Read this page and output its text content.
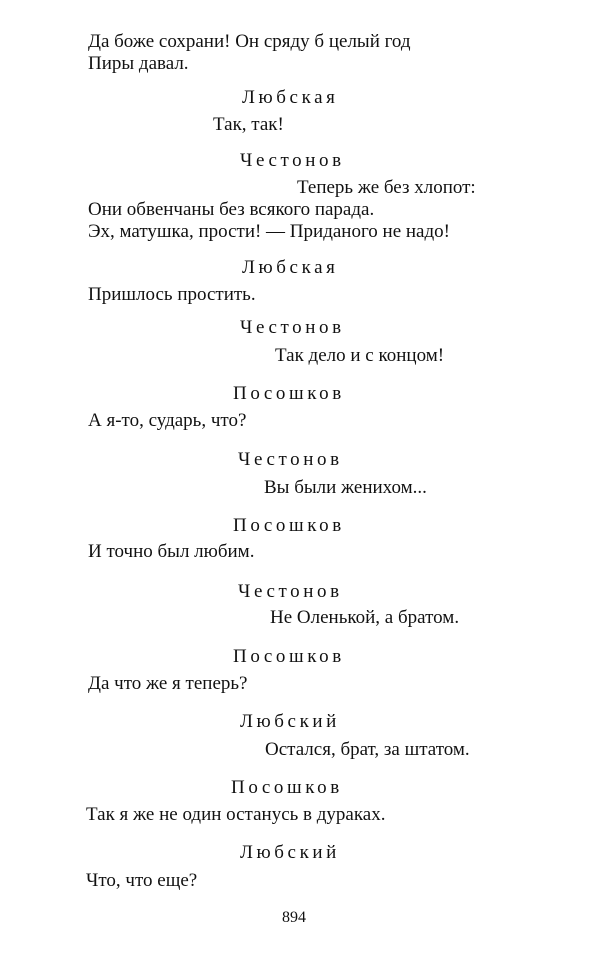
Да боже сохрани! Он сряду б целый год
Пиры давал.
Любская
Так, так!
Честонов
Теперь же без хлопот:
Они обвенчаны без всякого парада.
Эх, матушка, прости! — Приданого не надо!
Любская
Пришлось простить.
Честонов
Так дело и с концом!
Посошков
А я-то, сударь, что?
Честонов
Вы были женихом...
Посошков
И точно был любим.
Честонов
Не Оленькой, а братом.
Посошков
Да что же я теперь?
Любский
Остался, брат, за штатом.
Посошков
Так я же не один останусь в дураках.
Любский
Что, что еще?
894
